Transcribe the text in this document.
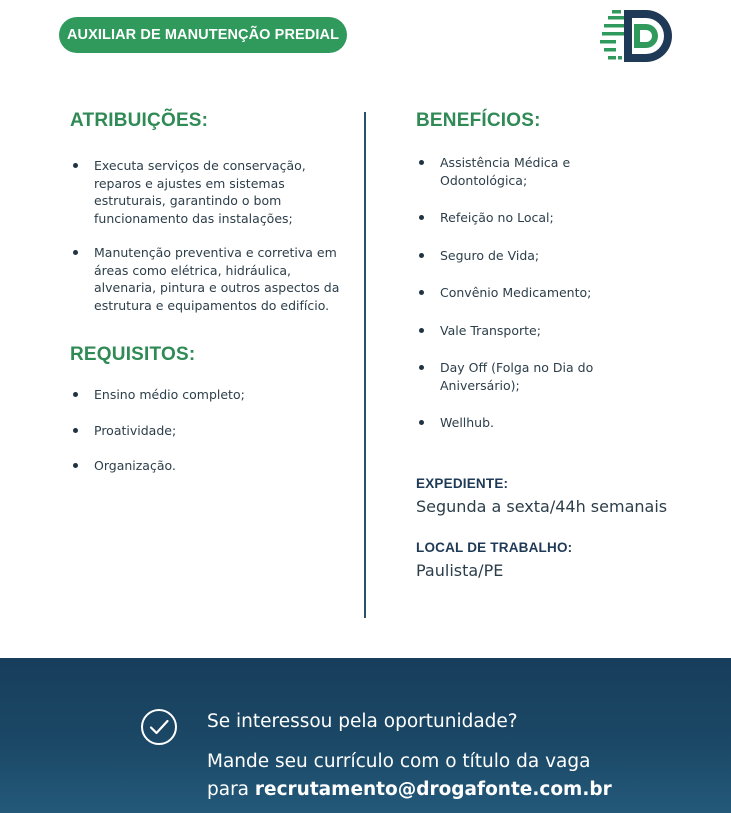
AUXILIAR DE MANUTENÇÃO PREDIAL
ATRIBUIÇÕES:
Executa serviços de conservação, reparos e ajustes em sistemas estruturais, garantindo o bom funcionamento das instalações;
Manutenção preventiva e corretiva em áreas como elétrica, hidráulica, alvenaria, pintura e outros aspectos da estrutura e equipamentos do edifício.
REQUISITOS:
Ensino médio completo;
Proatividade;
Organização.
BENEFÍCIOS:
Assistência Médica e Odontológica;
Refeição no Local;
Seguro de Vida;
Convênio Medicamento;
Vale Transporte;
Day Off (Folga no Dia do Aniversário);
Wellhub.
EXPEDIENTE:
Segunda a sexta/44h semanais
LOCAL DE TRABALHO:
Paulista/PE
Se interessou pela oportunidade?
Mande seu currículo com o título da vaga
para recrutamento@drogafonte.com.br
